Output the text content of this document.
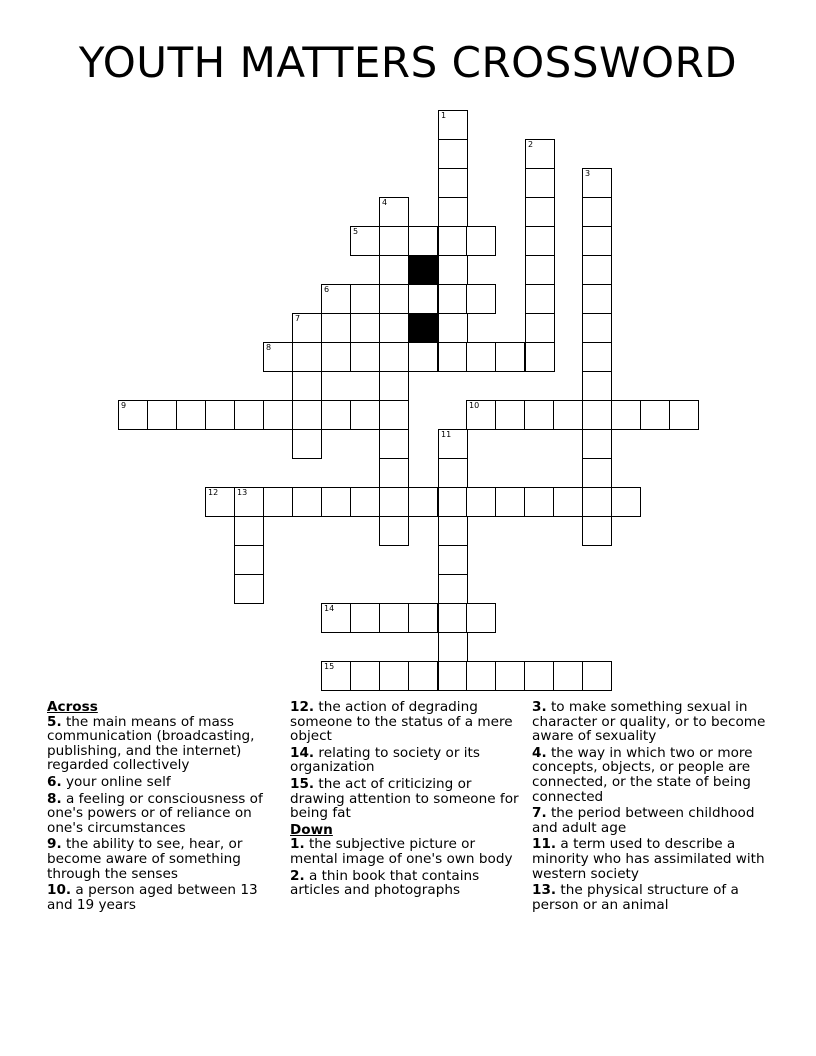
YOUTH MATTERS CROSSWORD
1
2
3
4
5
6
7
8
9	10
11
12 13
14
15
Across
5. the main means of mass communication (broadcasting, publishing, and the internet) regarded collectively
6. your online self
8. a feeling or consciousness of one's powers or of reliance on one's circumstances
9. the ability to see, hear, or become aware of something through the senses
10. a person aged between 13 and 19 years
12. the action of degrading someone to the status of a mere object
14. relating to society or its organization
15. the act of criticizing or drawing attention to someone for being fat
Down
1. the subjective picture or mental image of one's own body
2. a thin book that contains articles and photographs
3. to make something sexual in character or quality, or to become aware of sexuality
4. the way in which two or more concepts, objects, or people are connected, or the state of being connected
7. the period between childhood and adult age
11. a term used to describe a minority who has assimilated with western society
13. the physical structure of a person or an animal
